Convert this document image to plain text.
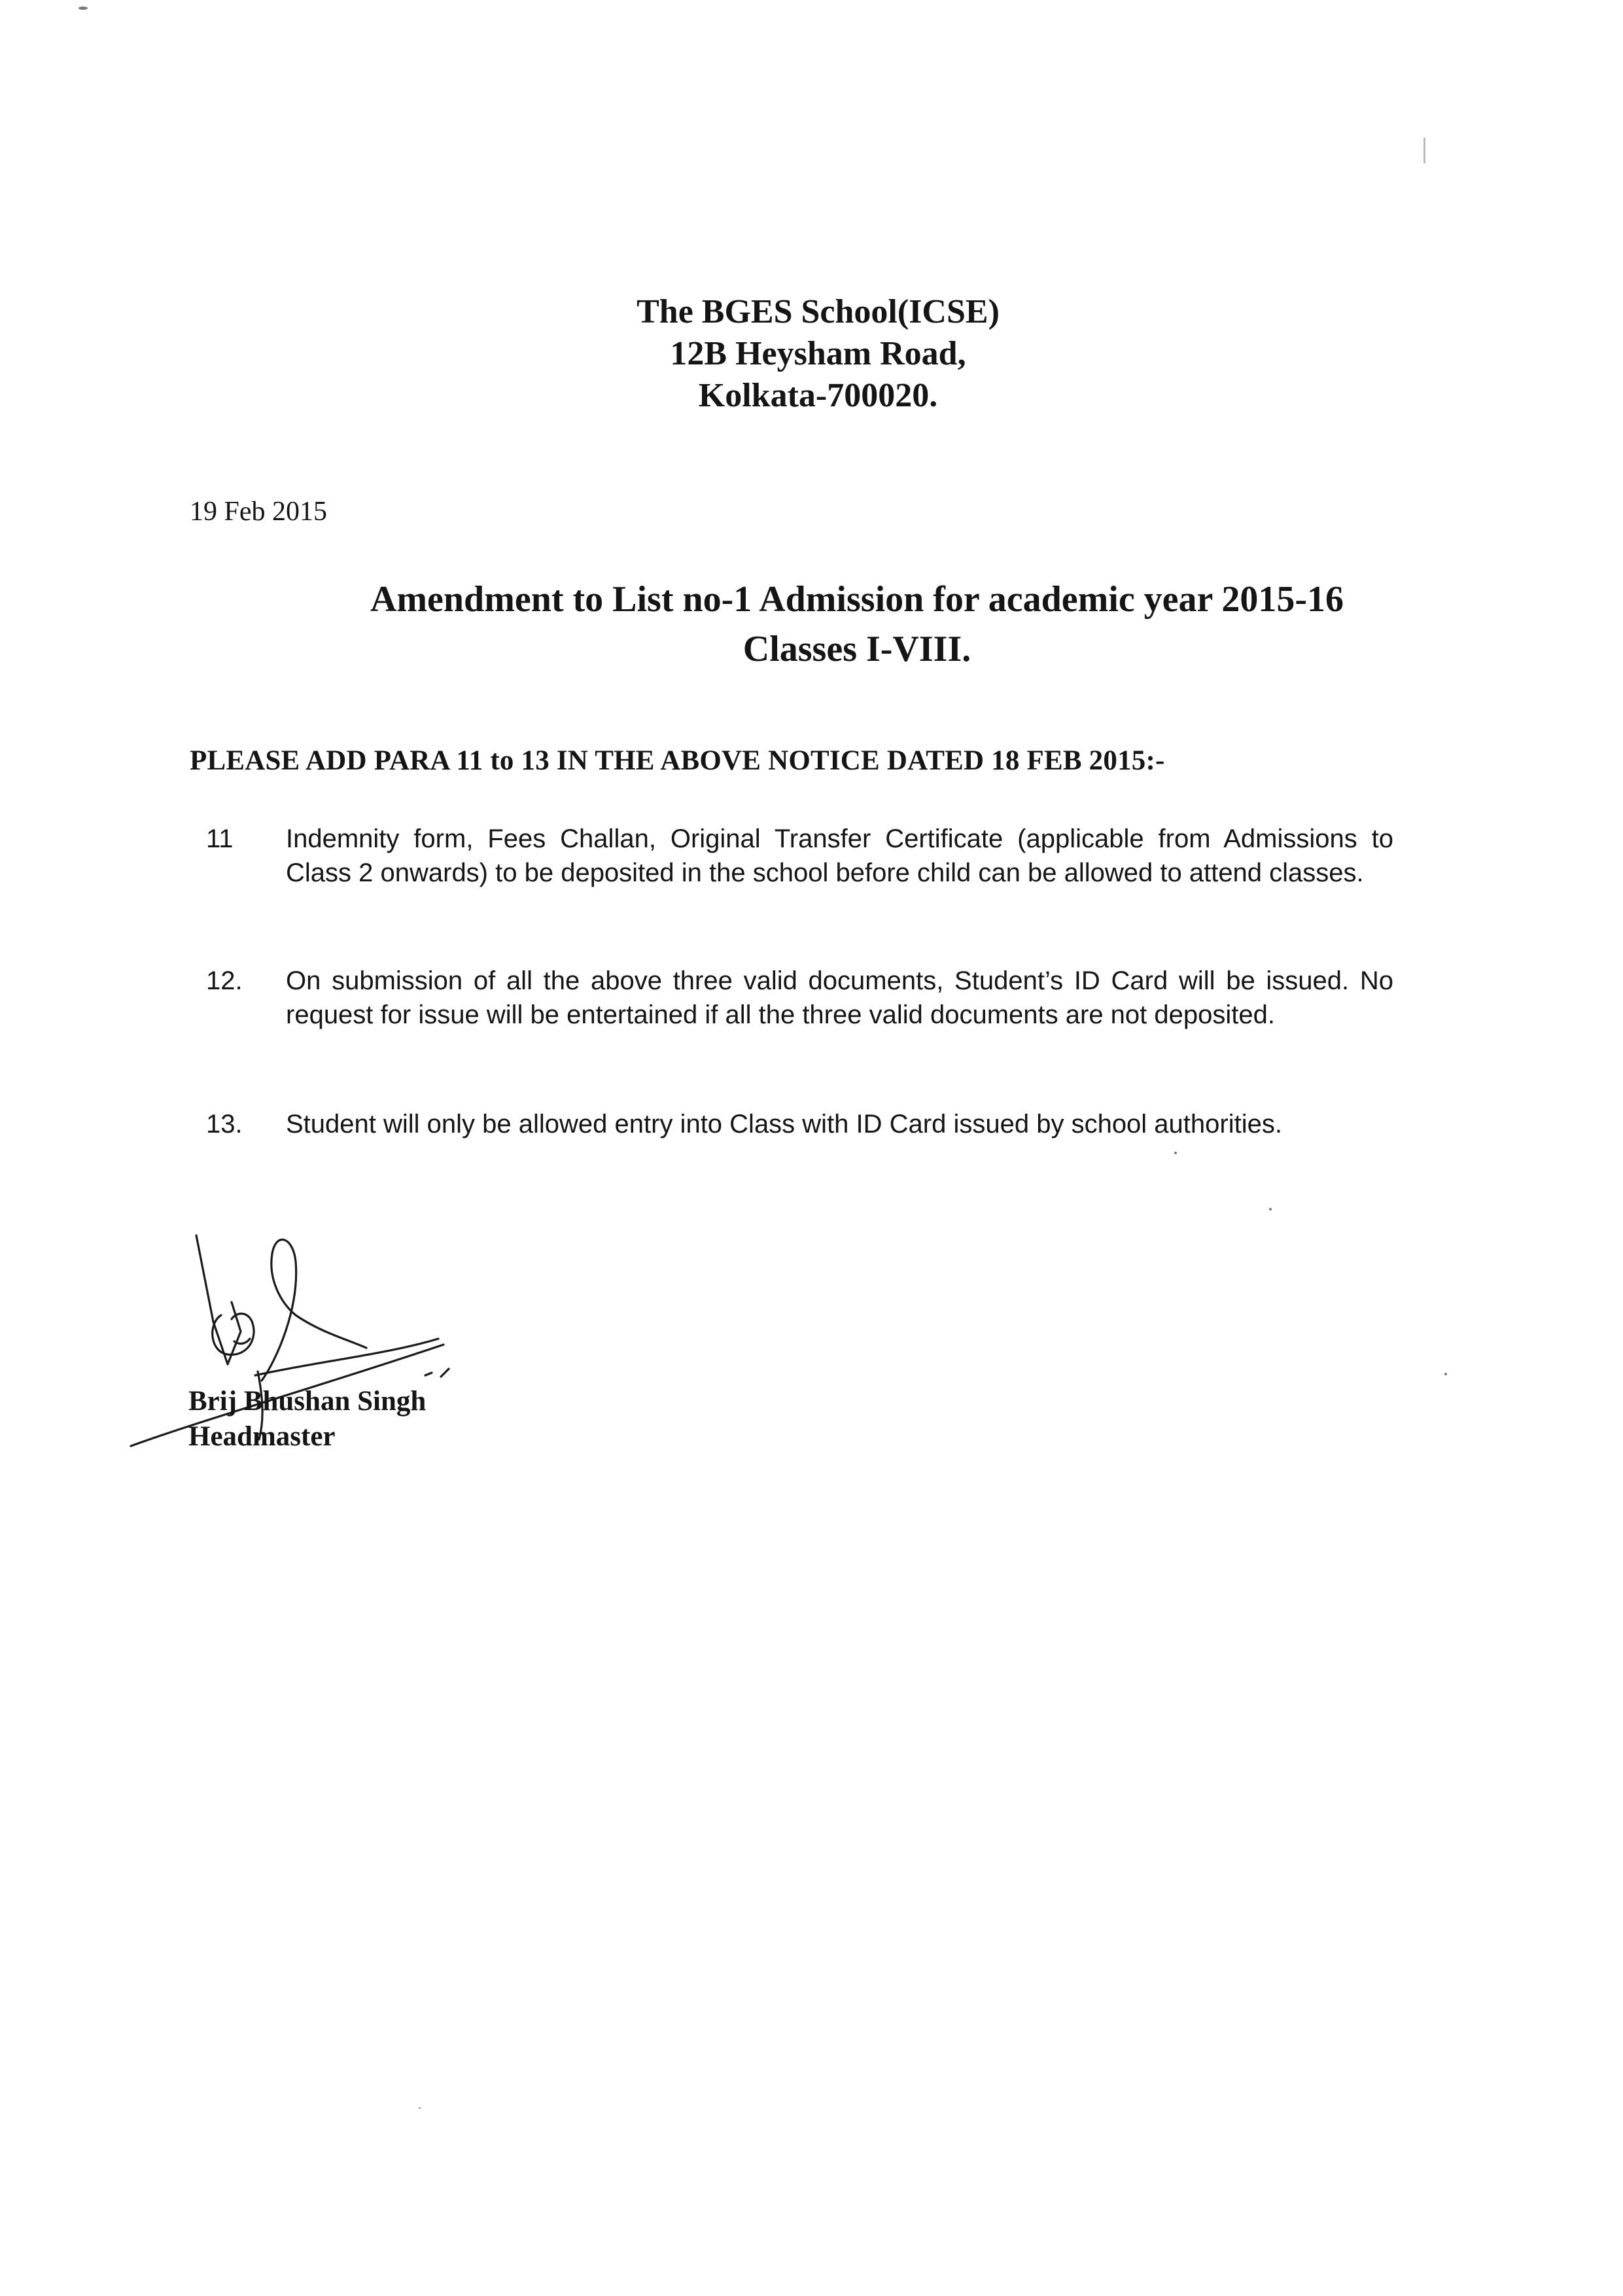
The BGES School(ICSE)
12B Heysham Road,
Kolkata-700020.
19 Feb 2015
Amendment to List no-1 Admission for academic year 2015-16
Classes I-VIII.
PLEASE ADD PARA 11 to 13 IN THE ABOVE NOTICE DATED 18 FEB 2015:-
11 Indemnity form, Fees Challan, Original Transfer Certificate (applicable from Admissions to Class 2 onwards) to be deposited in the school before child can be allowed to attend classes.
12. On submission of all the above three valid documents, Student’s ID Card will be issued. No request for issue will be entertained if all the three valid documents are not deposited.
13. Student will only be allowed entry into Class with ID Card issued by school authorities.
Brij Bhushan Singh
Headmaster
